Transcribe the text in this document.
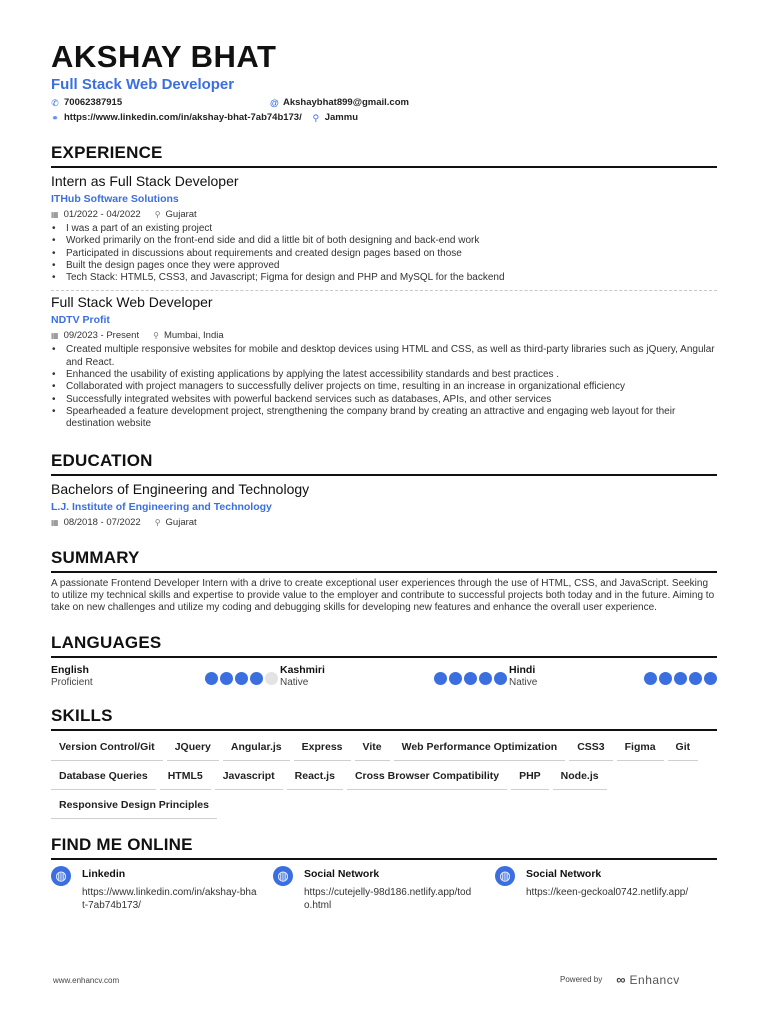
AKSHAY BHAT
Full Stack Web Developer
✆ 70062387915	@ Akshaybhat899@gmail.com
⚭ https://www.linkedin.com/in/akshay-bhat-7ab74b173/ ⚲ Jammu
EXPERIENCE
Intern as Full Stack Developer
ITHub Software Solutions
▦ 01/2022 - 04/2022 ⚲ Gujarat
• I was a part of an existing project
• Worked primarily on the front-end side and did a little bit of both designing and back-end work
• Participated in discussions about requirements and created design pages based on those
• Built the design pages once they were approved
• Tech Stack: HTML5, CSS3, and Javascript; Figma for design and PHP and MySQL for the backend
Full Stack Web Developer
NDTV Profit
▦ 09/2023 - Present ⚲ Mumbai, India
• Created multiple responsive websites for mobile and desktop devices using HTML and CSS, as well as third-party libraries such as jQuery, Angular and React.
• Enhanced the usability of existing applications by applying the latest accessibility standards and best practices .
• Collaborated with project managers to successfully deliver projects on time, resulting in an increase in organizational efficiency
• Successfully integrated websites with powerful backend services such as databases, APIs, and other services
• Spearheaded a feature development project, strengthening the company brand by creating an attractive and engaging web layout for their destination website
EDUCATION
Bachelors of Engineering and Technology
L.J. Institute of Engineering and Technology
▦ 08/2018 - 07/2022 ⚲ Gujarat
SUMMARY
A passionate Frontend Developer Intern with a drive to create exceptional user experiences through the use of HTML, CSS, and JavaScript. Seeking to utilize my technical skills and expertise to provide value to the employer and contribute to successful projects both today and in the future. Aiming to take on new challenges and utilize my coding and debugging skills for developing new features and enhance the overall user experience.
LANGUAGES
English
Proficient
Kashmiri
Native
Hindi
Native
SKILLS
Version Control/Git	JQuery	Angular.js	Express	Vite	Web Performance Optimization	CSS3	Figma	Git
Database Queries	HTML5	Javascript	React.js	Cross Browser Compatibility	PHP	Node.js
Responsive Design Principles
FIND ME ONLINE
◍	Linkedin
https://www.linkedin.com/in/akshay-bhat-7ab74b173/
◍	Social Network
https://cutejelly-98d186.netlify.app/todo.html
◍	Social Network
https://keen-geckoal0742.netlify.app/
www.enhancv.com	Powered by ∞ Enhancv
